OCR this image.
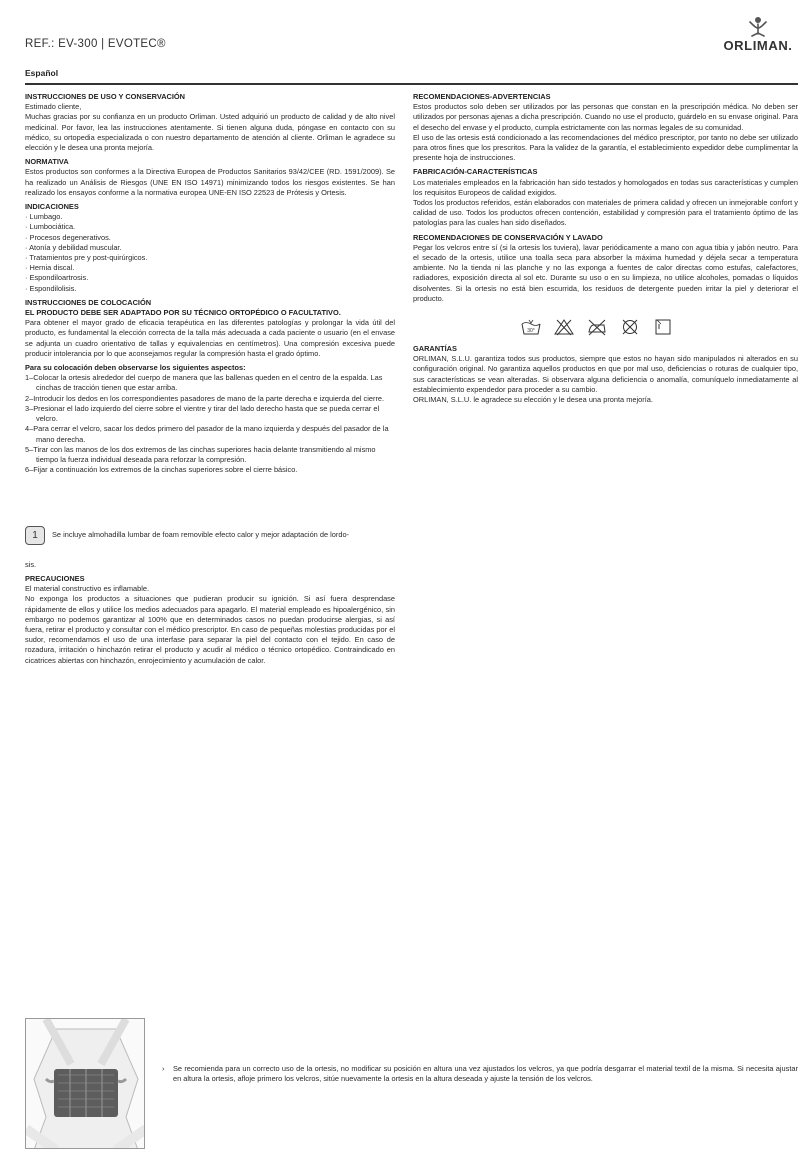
REF.: EV-300 | EVOTEC®	ORLIMAN.
Español
INSTRUCCIONES DE USO Y CONSERVACIÓN
Estimado cliente,
Muchas gracias por su confianza en un producto Orliman. Usted adquirió un producto de calidad y de alto nivel medicinal. Por favor, lea las instrucciones atentamente. Si tienen alguna duda, póngase en contacto con su médico, su ortopedia especializada o con nuestro departamento de atención al cliente. Orliman le agradece su elección y le desea una pronta mejoría.
NORMATIVA
Estos productos son conformes a la Directiva Europea de Productos Sanitarios 93/42/CEE (RD. 1591/2009). Se ha realizado un Análisis de Riesgos (UNE EN ISO 14971) minimizando todos los riesgos existentes. Se han realizado los ensayos conforme a la normativa europea UNE-EN ISO 22523 de Prótesis y Ortesis.
INDICACIONES
· Lumbago.
· Lumbociática.
· Procesos degenerativos.
· Atonía y debilidad muscular.
· Tratamientos pre y post-quirúrgicos.
· Hernia discal.
· Espondiloartrosis.
· Espondilolisis.
INSTRUCCIONES DE COLOCACIÓN
EL PRODUCTO DEBE SER ADAPTADO POR SU TÉCNICO ORTOPÉDICO O FACULTATIVO.
Para obtener el mayor grado de eficacia terapéutica en las diferentes patologías y prolongar la vida útil del producto, es fundamental la elección correcta de la talla más adecuada a cada paciente o usuario (en el envase se adjunta un cuadro orientativo de tallas y equivalencias en centímetros). Una compresión excesiva puede producir intolerancia por lo que aconsejamos regular la compresión hasta el grado óptimo.
Para su colocación deben observarse los siguientes aspectos:
1–Colocar la ortesis alrededor del cuerpo de manera que las ballenas queden en el centro de la espalda. Las cinchas de tracción tienen que estar arriba.
2–Introducir los dedos en los correspondientes pasadores de mano de la parte derecha e izquierda del cierre.
3–Presionar el lado izquierdo del cierre sobre el vientre y tirar del lado derecho hasta que se pueda cerrar el velcro.
4–Para cerrar el velcro, sacar los dedos primero del pasador de la mano izquierda y después del pasador de la mano derecha.
5–Tirar con las manos de los dos extremos de las cinchas superiores hacia delante transmitiendo al mismo tiempo la fuerza individual deseada para reforzar la compresión.
6–Fijar a continuación los extremos de la cinchas superiores sobre el cierre básico.
1	Se incluye almohadilla lumbar de foam removible efecto calor y mejor adaptación de lordo-
sis.
PRECAUCIONES
El material constructivo es inflamable.
No exponga los productos a situaciones que pudieran producir su ignición. Si así fuera desprendase rápidamente de ellos y utilice los medios adecuados para apagarlo. El material empleado es hipoalergénico, sin embargo no podemos garantizar al 100% que en determinados casos no puedan producirse alergias, si así fuera, retirar el producto y consultar con el médico prescriptor. En caso de pequeñas molestias producidas por el sudor, recomendamos el uso de una interfase para separar la piel del contacto con el tejido. En caso de rozadura, irritación o hinchazón retirar el producto y acudir al médico o técnico ortopédico. Contraindicado en cicatrices abiertas con hinchazón, enrojecimiento y acumulación de calor.
RECOMENDACIONES-ADVERTENCIAS
Estos productos solo deben ser utilizados por las personas que constan en la prescripción médica. No deben ser utilizados por personas ajenas a dicha prescripción. Cuando no use el producto, guárdelo en su envase original. Para el desecho del envase y el producto, cumpla estrictamente con las normas legales de su comunidad.
El uso de las ortesis está condicionado a las recomendaciones del médico prescriptor, por tanto no debe ser utilizado para otros fines que los prescritos. Para la validez de la garantía, el establecimiento expedidor debe cumplimentar la presente hoja de instrucciones.
FABRICACIÓN-CARACTERÍSTICAS
Los materiales empleados en la fabricación han sido testados y homologados en todas sus características y cumplen los requisitos Europeos de calidad exigidos.
Todos los productos referidos, están elaborados con materiales de primera calidad y ofrecen un inmejorable confort y calidad de uso. Todos los productos ofrecen contención, estabilidad y compresión para el tratamiento óptimo de las patologías para las cuales han sido diseñados.
RECOMENDACIONES DE CONSERVACIÓN Y LAVADO
Pegar los velcros entre sí (si la ortesis los tuviera), lavar periódicamente a mano con agua tibia y jabón neutro. Para el secado de la ortesis, utilice una toalla seca para absorber la máxima humedad y déjela secar a temperatura ambiente. No la tienda ni las planche y no las exponga a fuentes de calor directas como estufas, calefactores, radiadores, exposición directa al sol etc. Durante su uso o en su limpieza, no utilice alcoholes, pomadas o líquidos disolventes. Si la ortesis no está bien escurrida, los residuos de detergente pueden irritar la piel y deteriorar el producto.
GARANTÍAS
ORLIMAN, S.L.U. garantiza todos sus productos, siempre que estos no hayan sido manipulados ni alterados en su configuración original. No garantiza aquellos productos en que por mal uso, deficiencias o roturas de cualquier tipo, sus características se vean alteradas. Si observara alguna deficiencia o anomalía, comuníquelo inmediatamente al establecimiento expendedor para proceder a su cambio.
ORLIMAN, S.L.U. le agradece su elección y le desea una pronta mejoría.
30°
›	Se recomienda para un correcto uso de la ortesis, no modificar su posición en altura una vez ajustados los velcros, ya que podría desgarrar el material textil de la misma. Si necesita ajustar en altura la ortesis, afloje primero los velcros, sitúe nuevamente la ortesis en la altura deseada y ajuste la tensión de los velcros.
